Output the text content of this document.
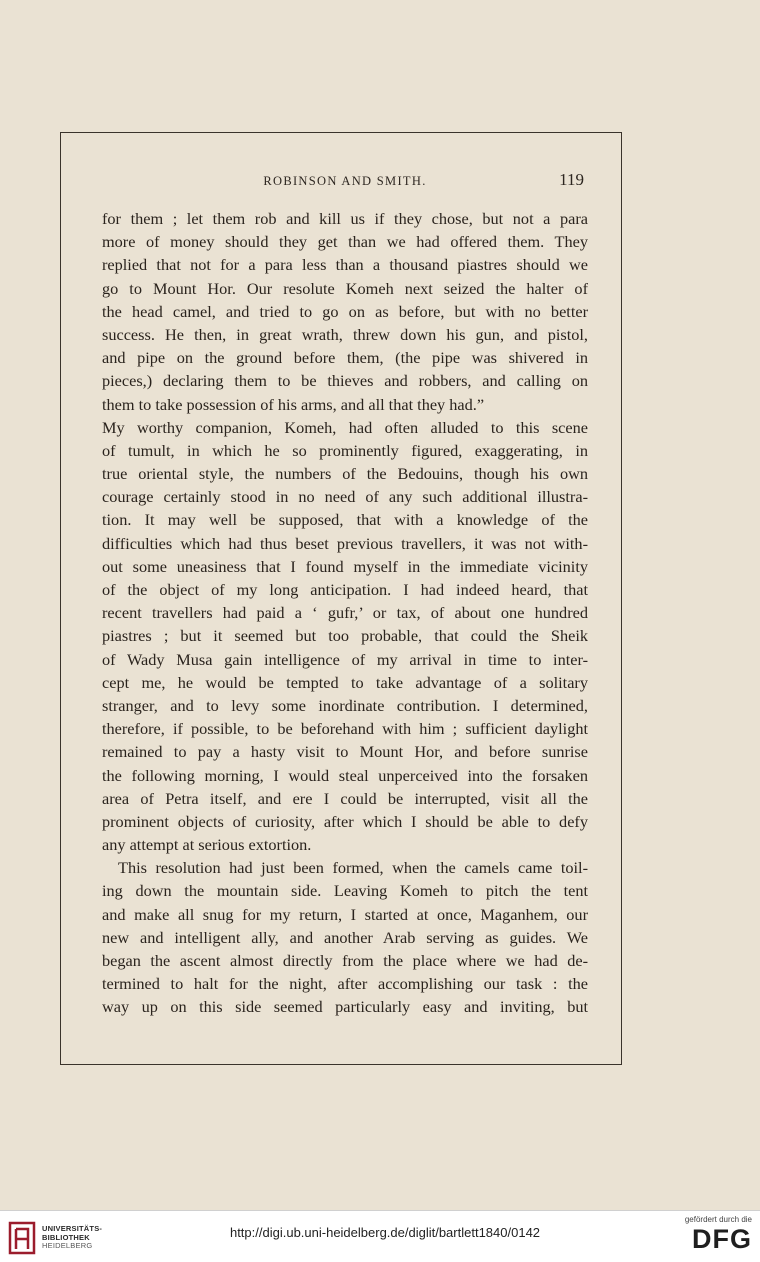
ROBINSON AND SMITH.	119
for them ; let them rob and kill us if they chose, but not a para
more of money should they get than we had offered them. They
replied that not for a para less than a thousand piastres should we
go to Mount Hor. Our resolute Komeh next seized the halter of
the head camel, and tried to go on as before, but with no better
success. He then, in great wrath, threw down his gun, and pistol,
and pipe on the ground before them, (the pipe was shivered in
pieces,) declaring them to be thieves and robbers, and calling on
them to take possession of his arms, and all that they had.”
My worthy companion, Komeh, had often alluded to this scene
of tumult, in which he so prominently figured, exaggerating, in
true oriental style, the numbers of the Bedouins, though his own
courage certainly stood in no need of any such additional illustra-
tion. It may well be supposed, that with a knowledge of the
difficulties which had thus beset previous travellers, it was not with-
out some uneasiness that I found myself in the immediate vicinity
of the object of my long anticipation. I had indeed heard, that
recent travellers had paid a ‘ gufr,’ or tax, of about one hundred
piastres ; but it seemed but too probable, that could the Sheik
of Wady Musa gain intelligence of my arrival in time to inter-
cept me, he would be tempted to take advantage of a solitary
stranger, and to levy some inordinate contribution. I determined,
therefore, if possible, to be beforehand with him ; sufficient daylight
remained to pay a hasty visit to Mount Hor, and before sunrise
the following morning, I would steal unperceived into the forsaken
area of Petra itself, and ere I could be interrupted, visit all the
prominent objects of curiosity, after which I should be able to defy
any attempt at serious extortion.
This resolution had just been formed, when the camels came toil-
ing down the mountain side. Leaving Komeh to pitch the tent
and make all snug for my return, I started at once, Maganhem, our
new and intelligent ally, and another Arab serving as guides. We
began the ascent almost directly from the place where we had de-
termined to halt for the night, after accomplishing our task : the
way up on this side seemed particularly easy and inviting, but
UNIVERSITÄTS-
BIBLIOTHEK
HEIDELBERG
http://digi.ub.uni-heidelberg.de/diglit/bartlett1840/0142
gefördert durch die
DFG
